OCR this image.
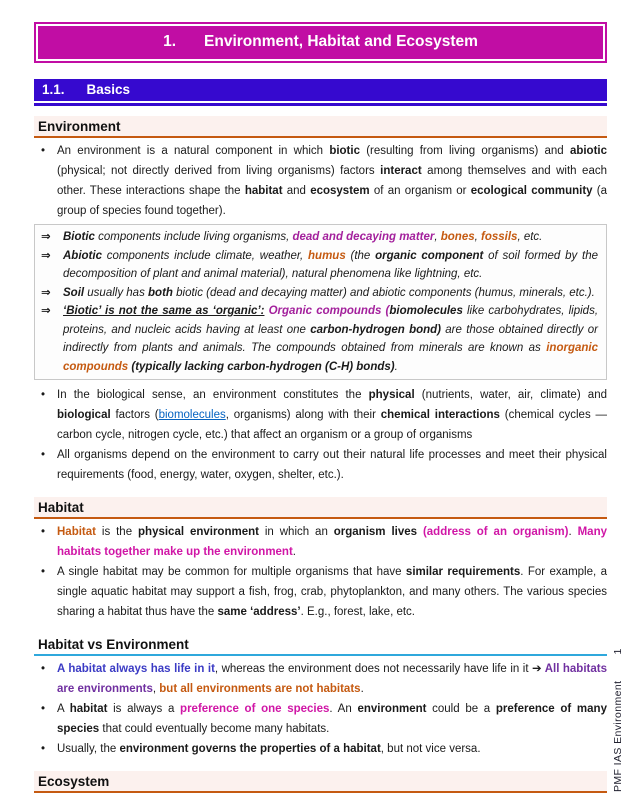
1. Environment, Habitat and Ecosystem
1.1. Basics
Environment
• An environment is a natural component in which biotic (resulting from living organisms) and abiotic (physical; not directly derived from living organisms) factors interact among themselves and with each other. These interactions shape the habitat and ecosystem of an organism or ecological community (a group of species found together).
⇒ Biotic components include living organisms, dead and decaying matter, bones, fossils, etc.
⇒ Abiotic components include climate, weather, humus (the organic component of soil formed by the decomposition of plant and animal material), natural phenomena like lightning, etc.
⇒ Soil usually has both biotic (dead and decaying matter) and abiotic components (humus, minerals, etc.).
⇒ ‘Biotic’ is not the same as ‘organic’: Organic compounds (biomolecules like carbohydrates, lipids, proteins, and nucleic acids having at least one carbon-hydrogen bond) are those obtained directly or indirectly from plants and animals. The compounds obtained from minerals are known as inorganic compounds (typically lacking carbon-hydrogen (C-H) bonds).
• In the biological sense, an environment constitutes the physical (nutrients, water, air, climate) and biological factors (biomolecules, organisms) along with their chemical interactions (chemical cycles — carbon cycle, nitrogen cycle, etc.) that affect an organism or a group of organisms
• All organisms depend on the environment to carry out their natural life processes and meet their physical requirements (food, energy, water, oxygen, shelter, etc.).
Habitat
• Habitat is the physical environment in which an organism lives (address of an organism). Many habitats together make up the environment.
• A single habitat may be common for multiple organisms that have similar requirements. For example, a single aquatic habitat may support a fish, frog, crab, phytoplankton, and many others. The various species sharing a habitat thus have the same ‘address’. E.g., forest, lake, etc.
Habitat vs Environment
• A habitat always has life in it, whereas the environment does not necessarily have life in it ➔ All habitats are environments, but all environments are not habitats.
• A habitat is always a preference of one species. An environment could be a preference of many species that could eventually become many habitats.
• Usually, the environment governs the properties of a habitat, but not vice versa.
Ecosystem	PMF IAS Environment1
